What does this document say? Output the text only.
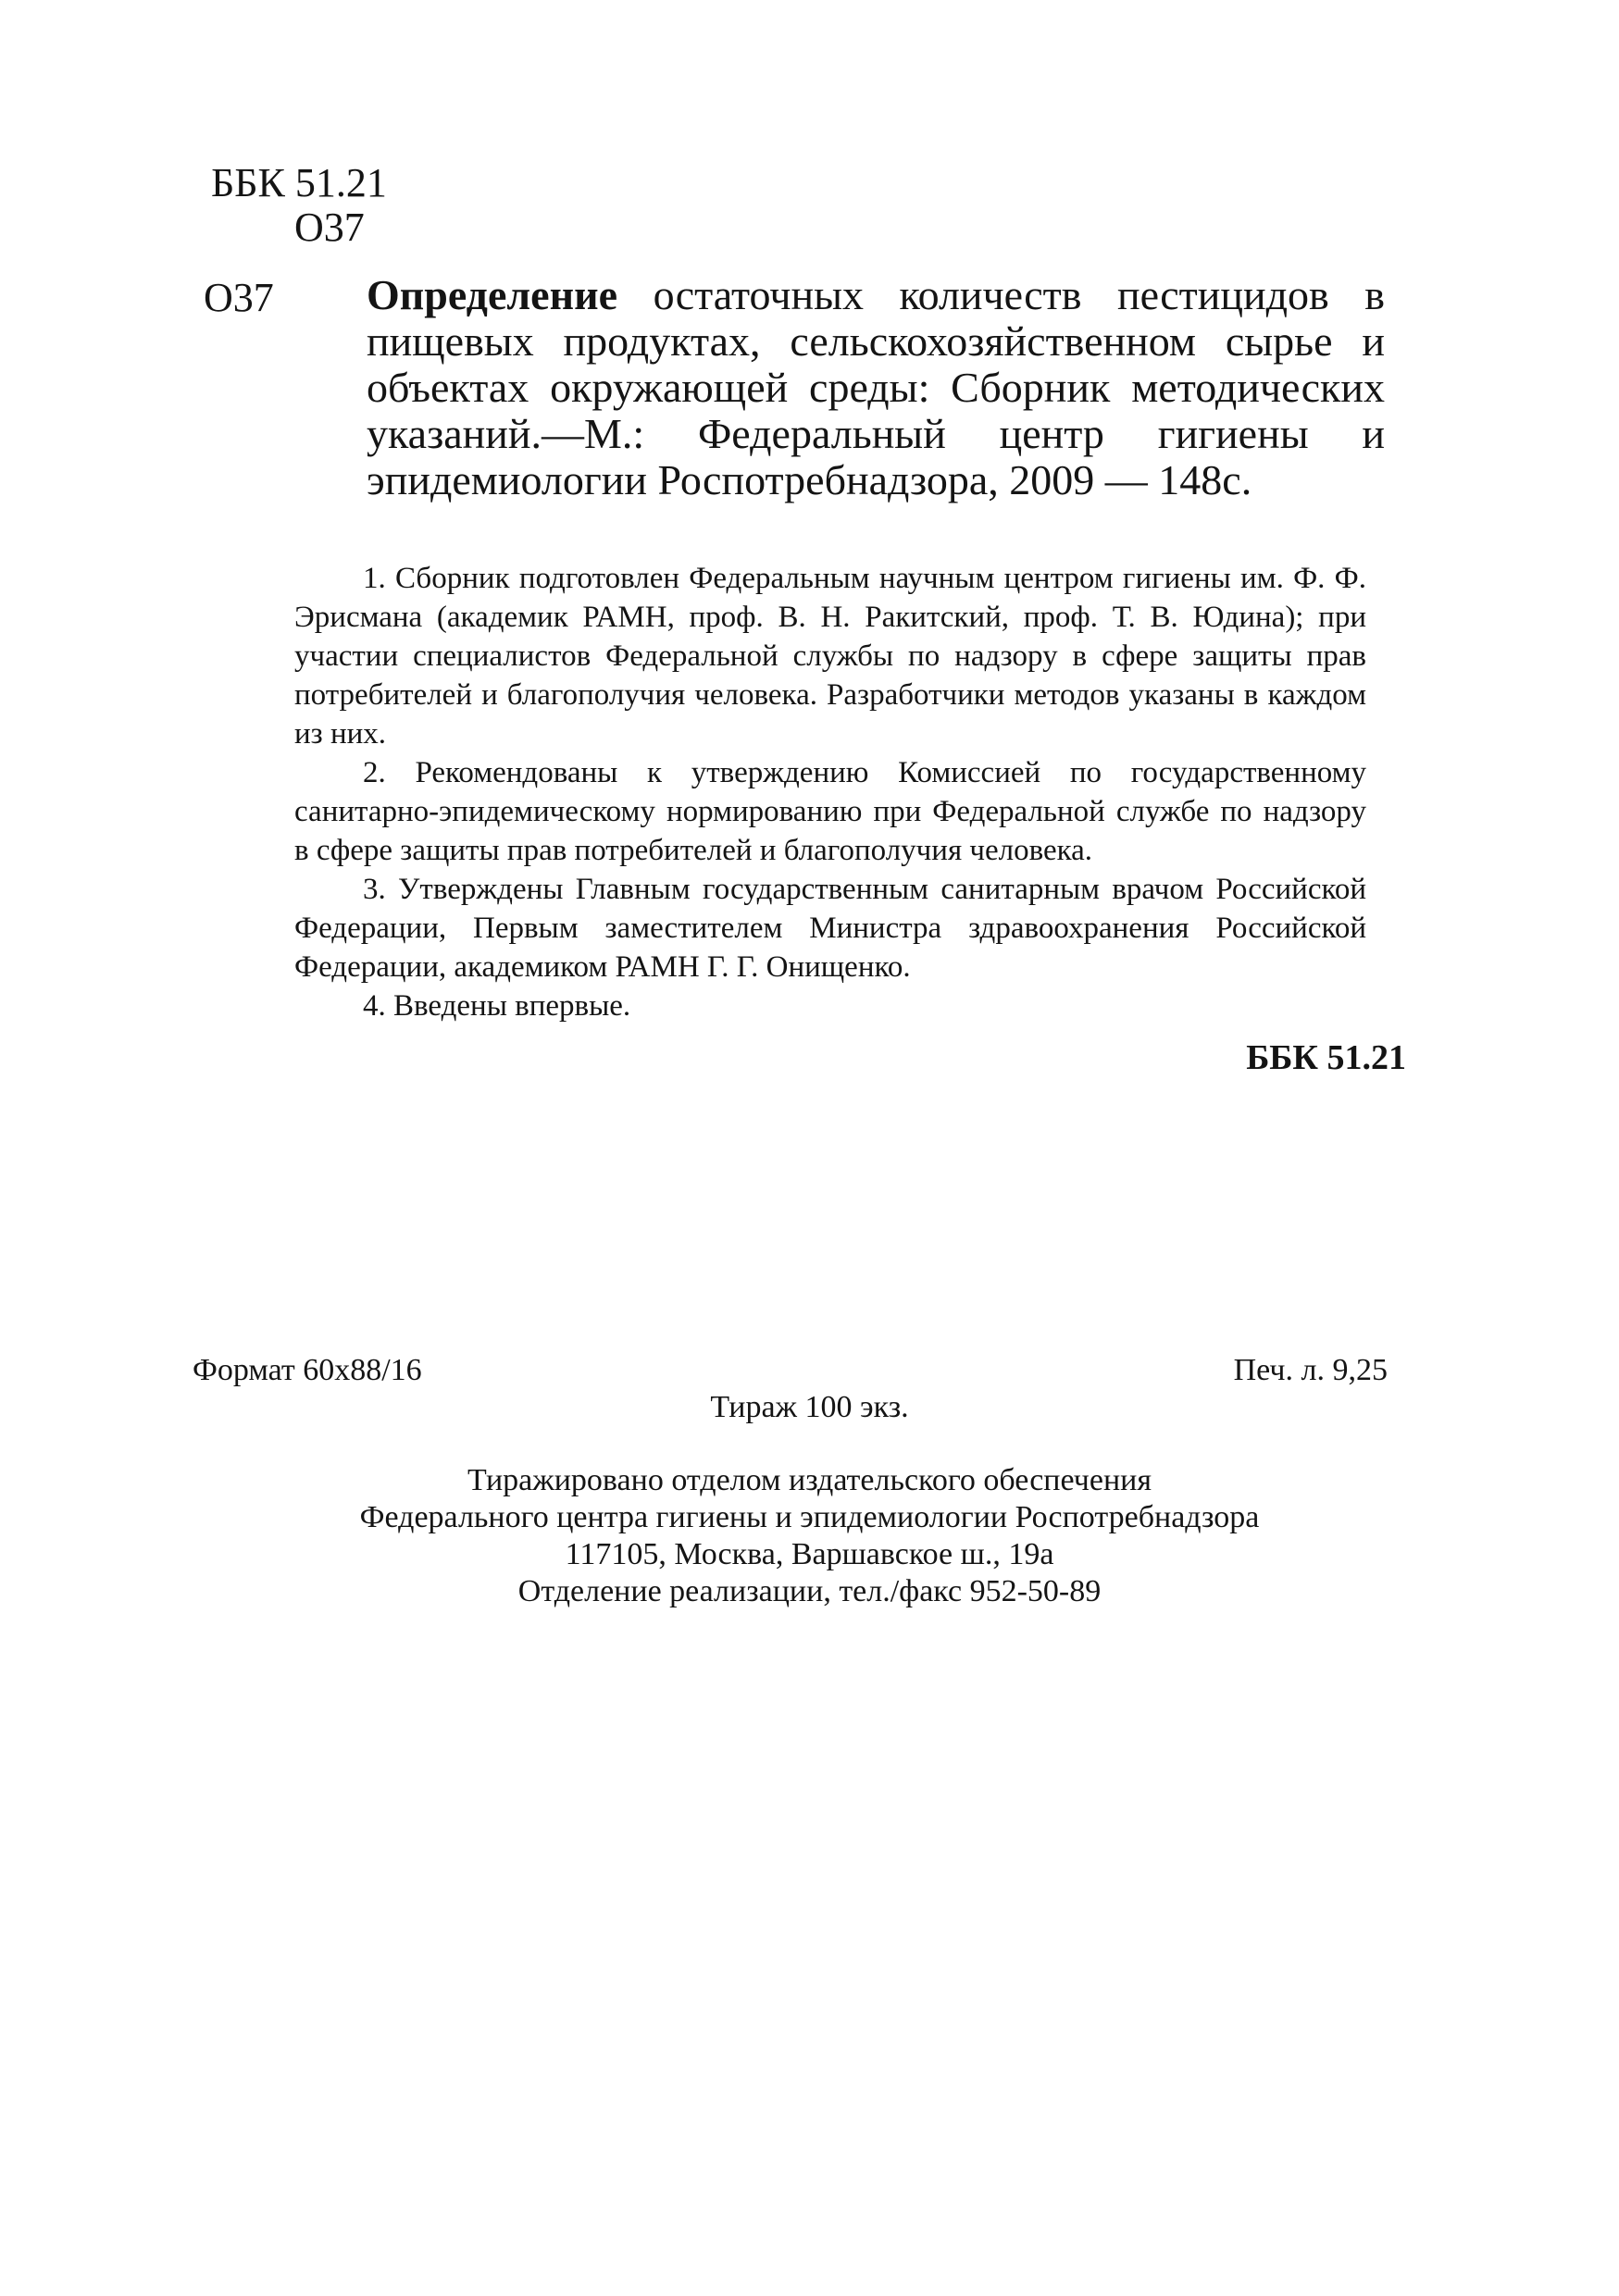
ББК 51.21
О37
О37 Определение остаточных количеств пестицидов в пищевых продуктах, сельскохозяйственном сырье и объектах окружающей среды: Сборник методических указаний.—М.: Федеральный центр гигиены и эпидемиологии Роспотребнадзора, 2009 — 148с.

1. Сборник подготовлен Федеральным научным центром гигиены им. Ф. Ф. Эрисмана (академик РАМН, проф. В. Н. Ракитский, проф. Т. В. Юдина); при участии специалистов Федеральной службы по надзору в сфере защиты прав потребителей и благополучия человека. Разработчики методов указаны в каждом из них.

2. Рекомендованы к утверждению Комиссией по государственному санитарно-эпидемическому нормированию при Федеральной службе по надзору в сфере защиты прав потребителей и благополучия человека.

3. Утверждены Главным государственным санитарным врачом Российской Федерации, Первым заместителем Министра здравоохранения Российской Федерации, академиком РАМН Г. Г. Онищенко.

4. Введены впервые.

ББК 51.21
Формат 60х88/16	Печ. л. 9,25
Тираж 100 экз.
Тиражировано отделом издательского обеспечения
Федерального центра гигиены и эпидемиологии Роспотребнадзора
117105, Москва, Варшавское ш., 19а
Отделение реализации, тел./факс 952-50-89
